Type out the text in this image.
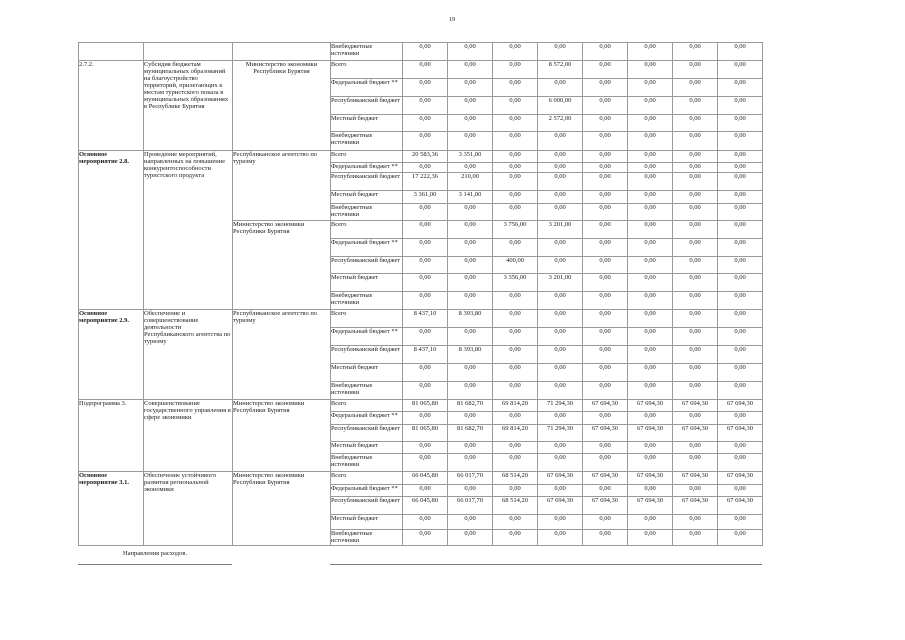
19

			Внебюджетные источники	0,00	0,00	0,00	0,00	0,00	0,00	0,00	0,00
2.7.2.	Субсидия бюджетам муниципальных образований на благоустройство территорий, прилегающих к местам туристского показа в муниципальных образованиях в Республике Бурятия	Министерство экономики Республики Бурятия	Всего	0,00	0,00	0,00	8 572,00	0,00	0,00	0,00	0,00
			Федеральный бюджет **	0,00	0,00	0,00	0,00	0,00	0,00	0,00	0,00
			Республиканский бюджет	0,00	0,00	0,00	6 000,00	0,00	0,00	0,00	0,00
			Местный бюджет	0,00	0,00	0,00	2 572,00	0,00	0,00	0,00	0,00

			Внебюджетные источники	0,00	0,00	0,00	0,00	0,00	0,00	0,00	0,00
Основное мероприятие 2.8.	Проведение мероприятий, направленных на повышение конкурентоспособности туристского продукта	Республиканское агентство по туризму	Всего	20 583,36	3 351,00	0,00	0,00	0,00	0,00	0,00	0,00
			Федеральный бюджет **	0,00	0,00	0,00	0,00	0,00	0,00	0,00	0,00
			Республиканский бюджет	17 222,36	210,00	0,00	0,00	0,00	0,00	0,00	0,00
			Местный бюджет	3 361,00	3 141,00	0,00	0,00	0,00	0,00	0,00	0,00

			Внебюджетные источники	0,00	0,00	0,00	0,00	0,00	0,00	0,00	0,00
		Министерство экономики Республики Бурятия	Всего	0,00	0,00	3 756,00	3 201,00	0,00	0,00	0,00	0,00
			Федеральный бюджет **	0,00	0,00	0,00	0,00	0,00	0,00	0,00	0,00
			Республиканский бюджет	0,00	0,00	400,00	0,00	0,00	0,00	0,00	0,00
			Местный бюджет	0,00	0,00	3 356,00	3 201,00	0,00	0,00	0,00	0,00

			Внебюджетные источники	0,00	0,00	0,00	0,00	0,00	0,00	0,00	0,00
Основное мероприятие 2.9.	Обеспечение и совершенствование деятельности Республиканского агентства по туризму	Республиканское агентство по туризму	Всего	8 437,10	8 393,80	0,00	0,00	0,00	0,00	0,00	0,00
			Федеральный бюджет **	0,00	0,00	0,00	0,00	0,00	0,00	0,00	0,00
			Республиканский бюджет	8 437,10	8 393,80	0,00	0,00	0,00	0,00	0,00	0,00
			Местный бюджет	0,00	0,00	0,00	0,00	0,00	0,00	0,00	0,00

			Внебюджетные источники	0,00	0,00	0,00	0,00	0,00	0,00	0,00	0,00
Подпрограмма 3.	Совершенствование государственного управления в сфере экономики	Министерство экономики Республики Бурятия	Всего	81 065,80	81 682,70	69 814,20	71 294,30	67 694,30	67 694,30	67 694,30	67 694,30
			Федеральный бюджет **	0,00	0,00	0,00	0,00	0,00	0,00	0,00	0,00
			Республиканский бюджет	81 065,80	81 682,70	69 814,20	71 294,30	67 694,30	67 694,30	67 694,30	67 694,30
			Местный бюджет	0,00	0,00	0,00	0,00	0,00	0,00	0,00	0,00

			Внебюджетные источники	0,00	0,00	0,00	0,00	0,00	0,00	0,00	0,00
Основное мероприятие 3.1.	Обеспечение устойчивого развития региональной экономики	Министерство экономики Республики Бурятия	Всего	66 045,80	66 017,70	68 514,20	67 694,30	67 694,30	67 694,30	67 694,30	67 694,30
			Федеральный бюджет **	0,00	0,00	0,00	0,00	0,00	0,00	0,00	0,00
			Республиканский бюджет	66 045,80	66 017,70	68 514,20	67 694,30	67 694,30	67 694,30	67 694,30	67 694,30
			Местный бюджет	0,00	0,00	0,00	0,00	0,00	0,00	0,00	0,00

			Внебюджетные источники	0,00	0,00	0,00	0,00	0,00	0,00	0,00	0,00
Направления расходов.
